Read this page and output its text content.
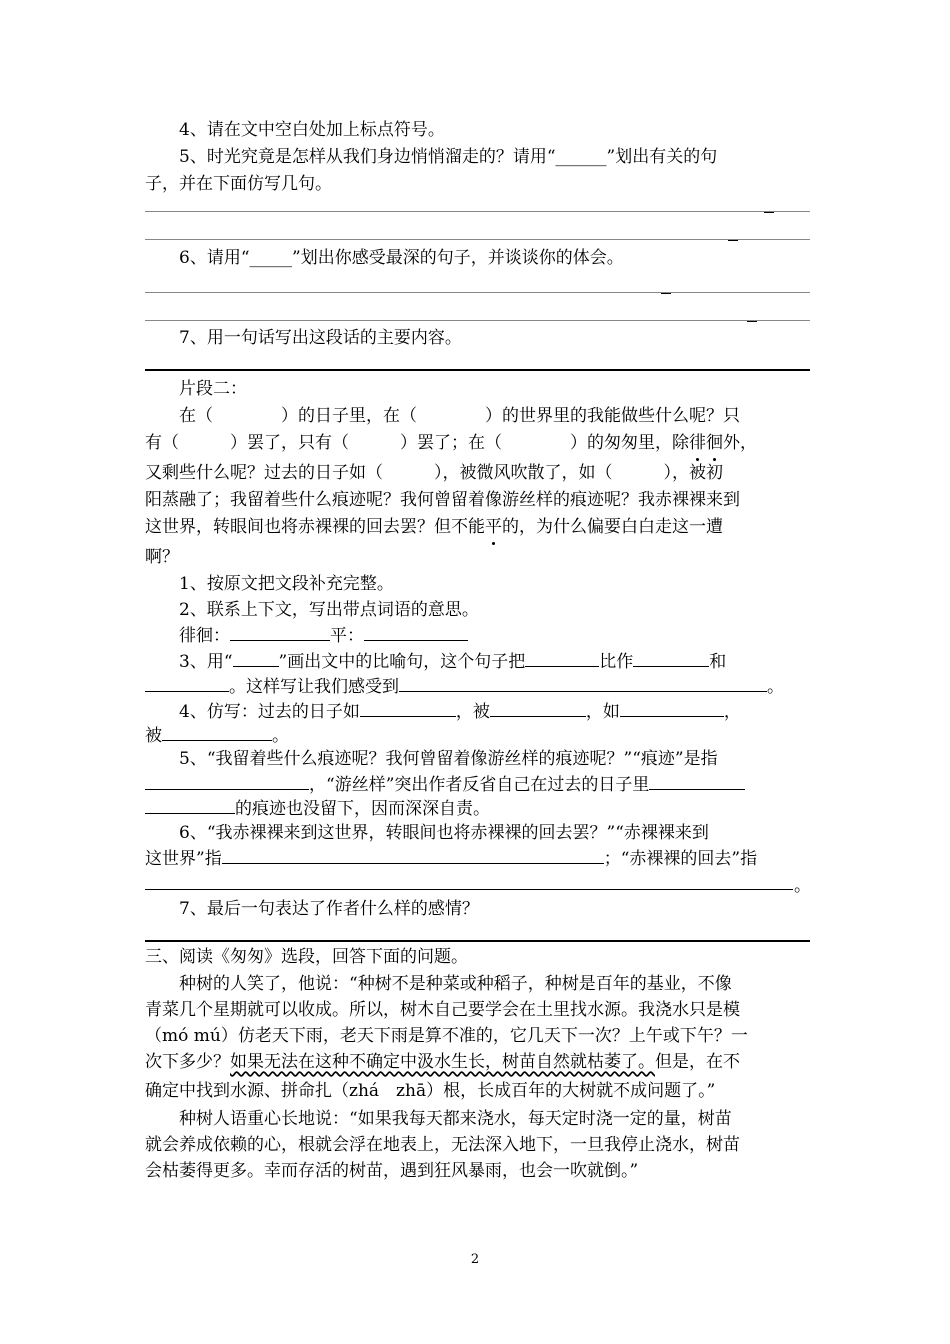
4、请在文中空白处加上标点符号。
5、时光究竟是怎样从我们身边悄悄溜走的？请用“______”划出有关的句
子，并在下面仿写几句。
6、请用“_____”划出你感受最深的句子，并谈谈你的体会。
7、用一句话写出这段话的主要内容。
片段二：
在（　　　　）的日子里，在（　　　　）的世界里的我能做些什么呢？只
有（　　　）罢了，只有（　　　）罢了；在（　　　　）的匆匆里，除徘徊外，
又剩些什么呢？过去的日子如（　　　），被微风吹散了，如（　　　），被初
阳蒸融了；我留着些什么痕迹呢？我何曾留着像游丝样的痕迹呢？我赤裸裸来到
这世界，转眼间也将赤裸裸的回去罢？但不能平的，为什么偏要白白走这一遭
啊？
1、按原文把文段补充完整。
2、联系上下文，写出带点词语的意思。
徘徊：	平：
3、用“	”画出文中的比喻句，这个句子把	比作	和
。这样写让我们感受到	。
4、仿写：过去的日子如	，被	，如	，
被	。
5、“我留着些什么痕迹呢？我何曾留着像游丝样的痕迹呢？”“痕迹”是指
，“游丝样”突出作者反省自己在过去的日子里
的痕迹也没留下，因而深深自责。
6、“我赤裸裸来到这世界，转眼间也将赤裸裸的回去罢？”“赤裸裸来到
这世界”指	；“赤裸裸的回去”指
。
7、最后一句表达了作者什么样的感情？
三、阅读《匆匆》选段，回答下面的问题。
种树的人笑了，他说：“种树不是种菜或种稻子，种树是百年的基业，不像
青菜几个星期就可以收成。所以，树木自己要学会在土里找水源。我浇水只是模
（mó mú）仿老天下雨，老天下雨是算不准的，它几天下一次？上午或下午？一
次下多少？如果无法在这种不确定中汲水生长，树苗自然就枯萎了。但是，在不
确定中找到水源、拼命扎（zhá　zhā）根，长成百年的大树就不成问题了。”
种树人语重心长地说：“如果我每天都来浇水，每天定时浇一定的量，树苗
就会养成依赖的心，根就会浮在地表上，无法深入地下，一旦我停止浇水，树苗
会枯萎得更多。幸而存活的树苗，遇到狂风暴雨，也会一吹就倒。”
2
